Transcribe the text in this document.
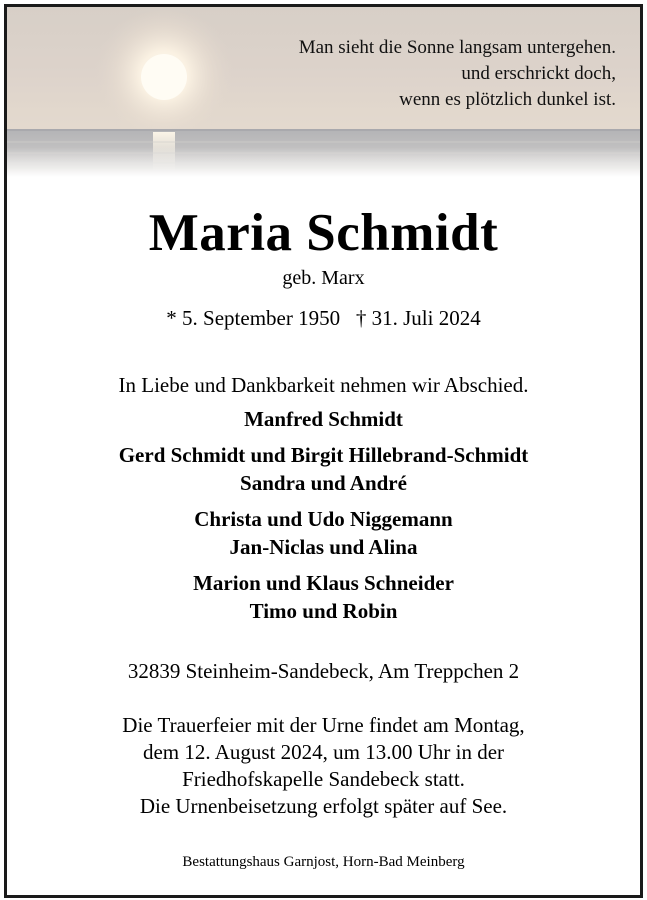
Man sieht die Sonne langsam untergehen.
und erschrickt doch,
wenn es plötzlich dunkel ist.
Maria Schmidt
geb. Marx
* 5. September 1950 † 31. Juli 2024
In Liebe und Dankbarkeit nehmen wir Abschied.
Manfred Schmidt
Gerd Schmidt und Birgit Hillebrand-Schmidt
Sandra und André
Christa und Udo Niggemann
Jan-Niclas und Alina
Marion und Klaus Schneider
Timo und Robin
32839 Steinheim-Sandebeck, Am Treppchen 2
Die Trauerfeier mit der Urne findet am Montag,
dem 12. August 2024, um 13.00 Uhr in der
Friedhofskapelle Sandebeck statt.
Die Urnenbeisetzung erfolgt später auf See.
Bestattungshaus Garnjost, Horn-Bad Meinberg
